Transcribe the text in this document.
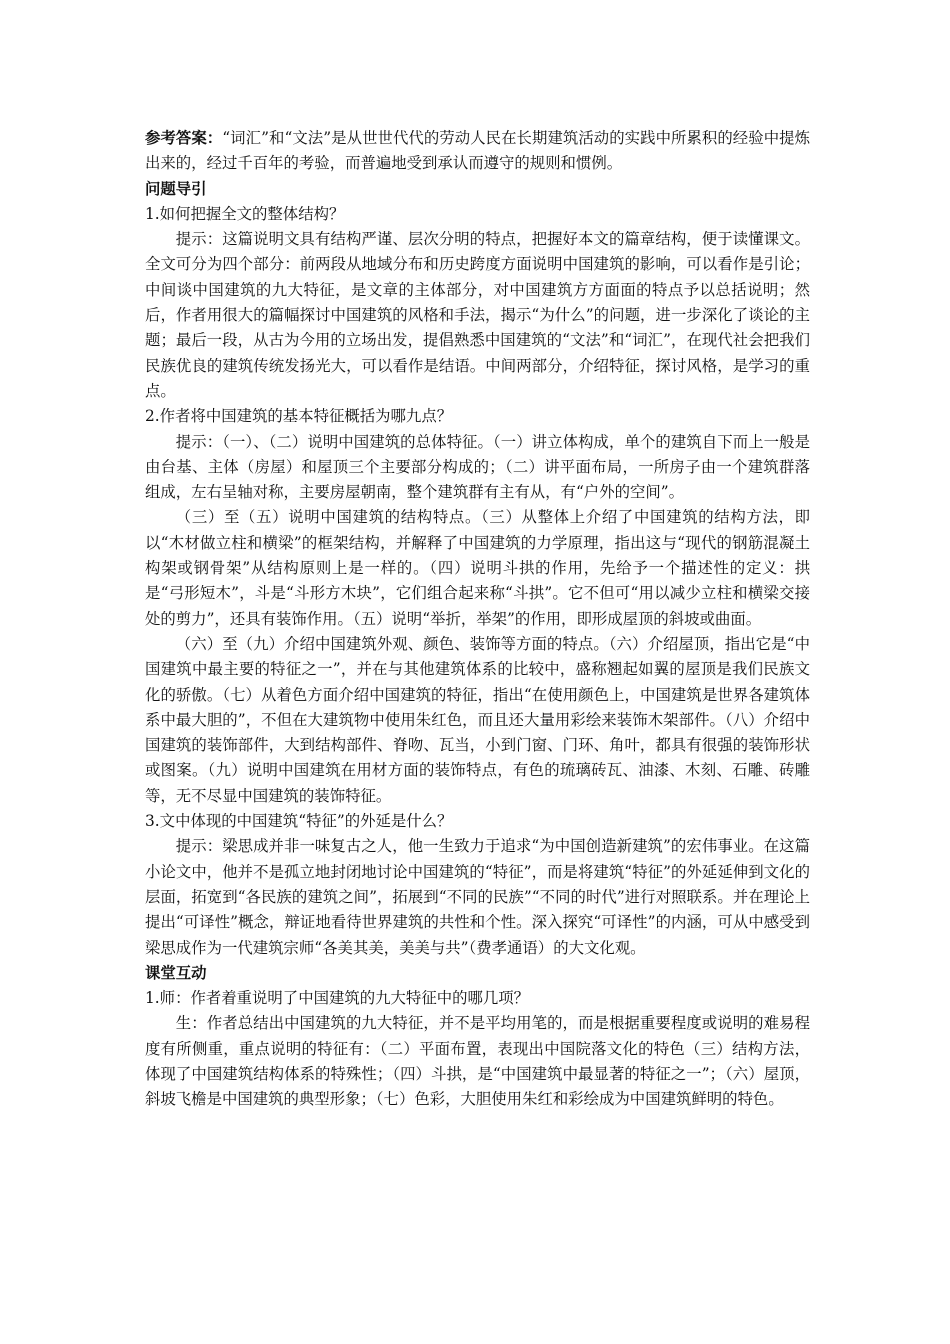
参考答案：“词汇”和“文法”是从世世代代的劳动人民在长期建筑活动的实践中所累积的经验中提炼出来的，经过千百年的考验，而普遍地受到承认而遵守的规则和惯例。

问题导引

1.如何把握全文的整体结构？

提示：这篇说明文具有结构严谨、层次分明的特点，把握好本文的篇章结构，便于读懂课文。全文可分为四个部分：前两段从地域分布和历史跨度方面说明中国建筑的影响，可以看作是引论；中间谈中国建筑的九大特征，是文章的主体部分，对中国建筑方方面面的特点予以总括说明；然后，作者用很大的篇幅探讨中国建筑的风格和手法，揭示“为什么”的问题，进一步深化了谈论的主题；最后一段，从古为今用的立场出发，提倡熟悉中国建筑的“文法”和“词汇”，在现代社会把我们民族优良的建筑传统发扬光大，可以看作是结语。中间两部分，介绍特征，探讨风格，是学习的重点。

2.作者将中国建筑的基本特征概括为哪九点？

提示：（一）、（二）说明中国建筑的总体特征。（一）讲立体构成，单个的建筑自下而上一般是由台基、主体（房屋）和屋顶三个主要部分构成的；（二）讲平面布局，一所房子由一个建筑群落组成，左右呈轴对称，主要房屋朝南，整个建筑群有主有从，有“户外的空间”。

（三）至（五）说明中国建筑的结构特点。（三）从整体上介绍了中国建筑的结构方法，即以“木材做立柱和横梁”的框架结构，并解释了中国建筑的力学原理，指出这与“现代的钢筋混凝土构架或钢骨架”从结构原则上是一样的。（四）说明斗拱的作用，先给予一个描述性的定义：拱是“弓形短木”，斗是“斗形方木块”，它们组合起来称“斗拱”。它不但可“用以减少立柱和横梁交接处的剪力”，还具有装饰作用。（五）说明“举折，举架”的作用，即形成屋顶的斜坡或曲面。

（六）至（九）介绍中国建筑外观、颜色、装饰等方面的特点。（六）介绍屋顶，指出它是“中国建筑中最主要的特征之一”，并在与其他建筑体系的比较中，盛称翘起如翼的屋顶是我们民族文化的骄傲。（七）从着色方面介绍中国建筑的特征，指出“在使用颜色上，中国建筑是世界各建筑体系中最大胆的”，不但在大建筑物中使用朱红色，而且还大量用彩绘来装饰木架部件。（八）介绍中国建筑的装饰部件，大到结构部件、脊吻、瓦当，小到门窗、门环、角叶，都具有很强的装饰形状或图案。（九）说明中国建筑在用材方面的装饰特点，有色的琉璃砖瓦、油漆、木刻、石雕、砖雕等，无不尽显中国建筑的装饰特征。

3.文中体现的中国建筑“特征”的外延是什么？

提示：梁思成并非一味复古之人，他一生致力于追求“为中国创造新建筑”的宏伟事业。在这篇小论文中，他并不是孤立地封闭地讨论中国建筑的“特征”，而是将建筑“特征”的外延延伸到文化的层面，拓宽到“各民族的建筑之间”，拓展到“不同的民族”“不同的时代”进行对照联系。并在理论上提出“可译性”概念，辩证地看待世界建筑的共性和个性。深入探究“可译性”的内涵，可从中感受到梁思成作为一代建筑宗师“各美其美，美美与共”（费孝通语）的大文化观。

课堂互动

1.师：作者着重说明了中国建筑的九大特征中的哪几项？

生：作者总结出中国建筑的九大特征，并不是平均用笔的，而是根据重要程度或说明的难易程度有所侧重，重点说明的特征有：（二）平面布置，表现出中国院落文化的特色（三）结构方法，体现了中国建筑结构体系的特殊性；（四）斗拱，是“中国建筑中最显著的特征之一”；（六）屋顶，斜坡飞檐是中国建筑的典型形象；（七）色彩，大胆使用朱红和彩绘成为中国建筑鲜明的特色。
